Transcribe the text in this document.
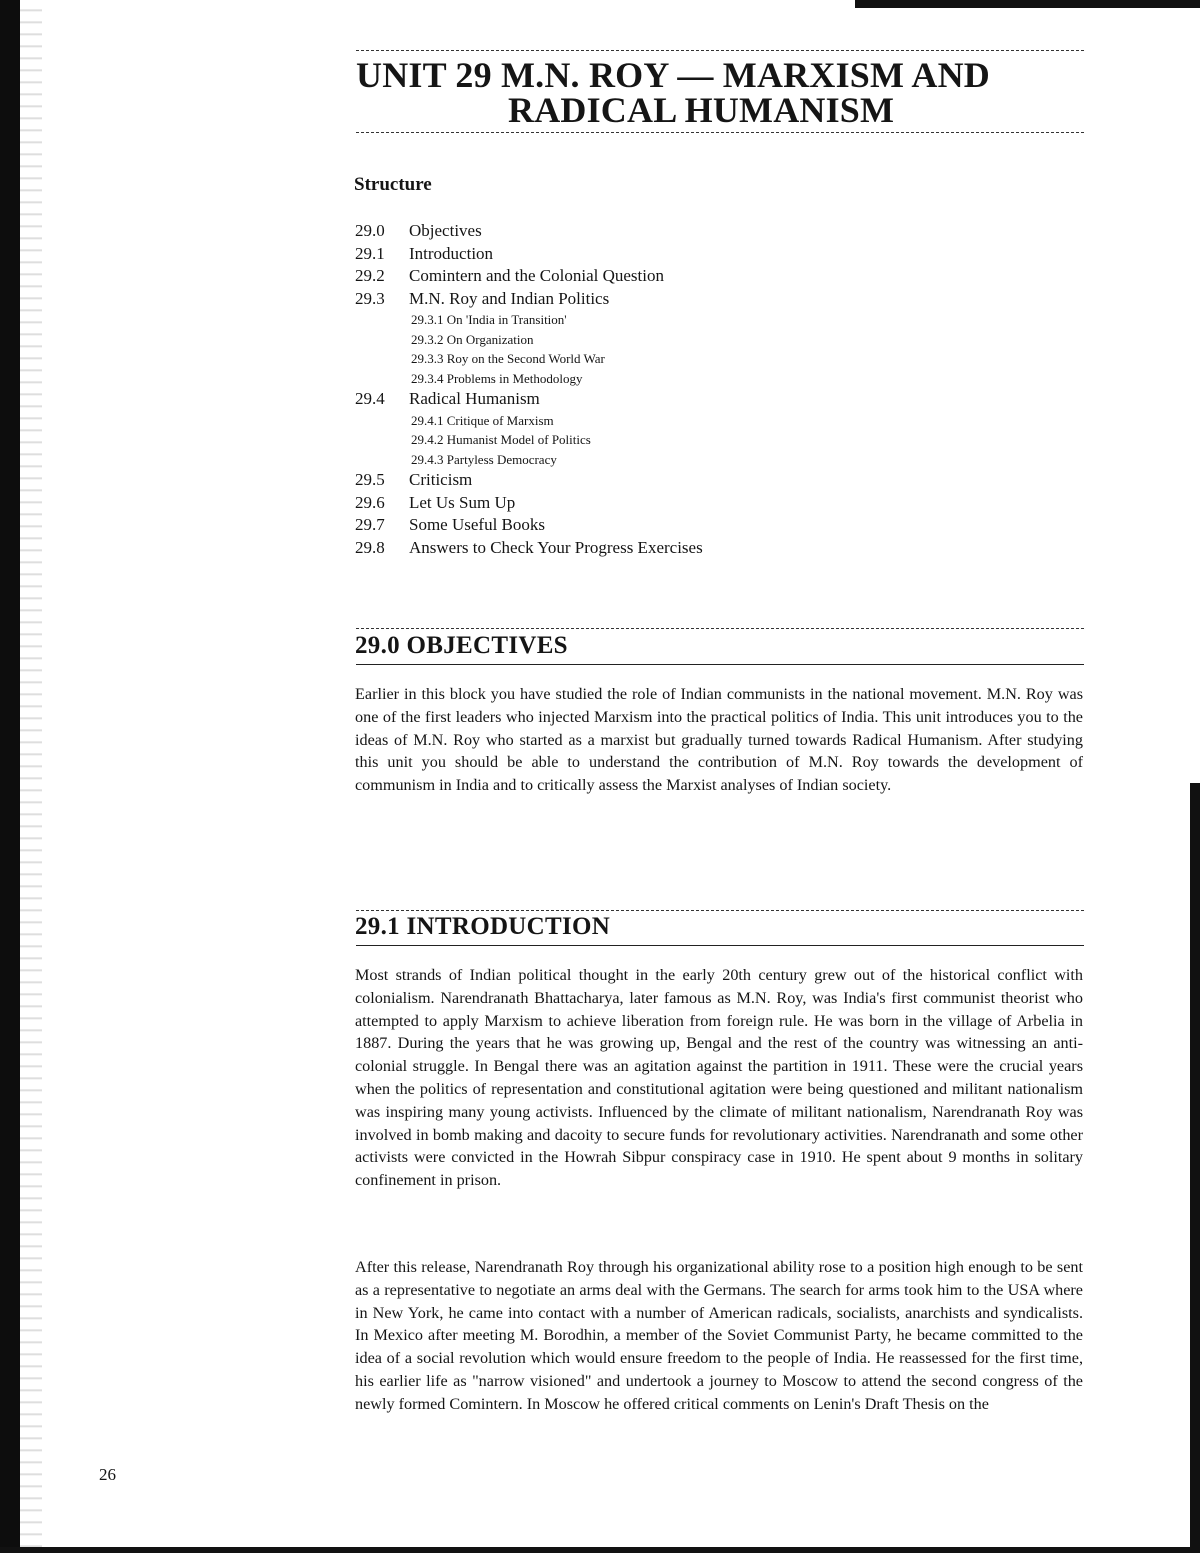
UNIT 29 M.N. ROY — MARXISM AND
RADICAL HUMANISM
Structure
29.0	Objectives
29.1	Introduction
29.2	Comintern and the Colonial Question
29.3	M.N. Roy and Indian Politics
29.3.1 On 'India in Transition'
29.3.2 On Organization
29.3.3 Roy on the Second World War
29.3.4 Problems in Methodology
29.4	Radical Humanism
29.4.1 Critique of Marxism
29.4.2 Humanist Model of Politics
29.4.3 Partyless Democracy
29.5	Criticism
29.6	Let Us Sum Up
29.7	Some Useful Books
29.8	Answers to Check Your Progress Exercises
29.0 OBJECTIVES

Earlier in this block you have studied the role of Indian communists in the national movement. M.N. Roy was one of the first leaders who injected Marxism into the practical politics of India. This unit introduces you to the ideas of M.N. Roy who started as a marxist but gradually turned towards Radical Humanism. After studying this unit you should be able to understand the contribution of M.N. Roy towards the development of communism in India and to critically assess the Marxist analyses of Indian society.

29.1 INTRODUCTION

Most strands of Indian political thought in the early 20th century grew out of the historical conflict with colonialism. Narendranath Bhattacharya, later famous as M.N. Roy, was India's first communist theorist who attempted to apply Marxism to achieve liberation from foreign rule. He was born in the village of Arbelia in 1887. During the years that he was growing up, Bengal and the rest of the country was witnessing an anti-colonial struggle. In Bengal there was an agitation against the partition in 1911. These were the crucial years when the politics of representation and constitutional agitation were being questioned and militant nationalism was inspiring many young activists. Influenced by the climate of militant nationalism, Narendranath Roy was involved in bomb making and dacoity to secure funds for revolutionary activities. Narendranath and some other activists were convicted in the Howrah Sibpur conspiracy case in 1910. He spent about 9 months in solitary confinement in prison.

After this release, Narendranath Roy through his organizational ability rose to a position high enough to be sent as a representative to negotiate an arms deal with the Germans. The search for arms took him to the USA where in New York, he came into contact with a number of American radicals, socialists, anarchists and syndicalists. In Mexico after meeting M. Borodhin, a member of the Soviet Communist Party, he became committed to the idea of a social revolution which would ensure freedom to the people of India. He reassessed for the first time, his earlier life as "narrow visioned" and undertook a journey to Moscow to attend the second congress of the newly formed Comintern. In Moscow he offered critical comments on Lenin's Draft Thesis on the

26
